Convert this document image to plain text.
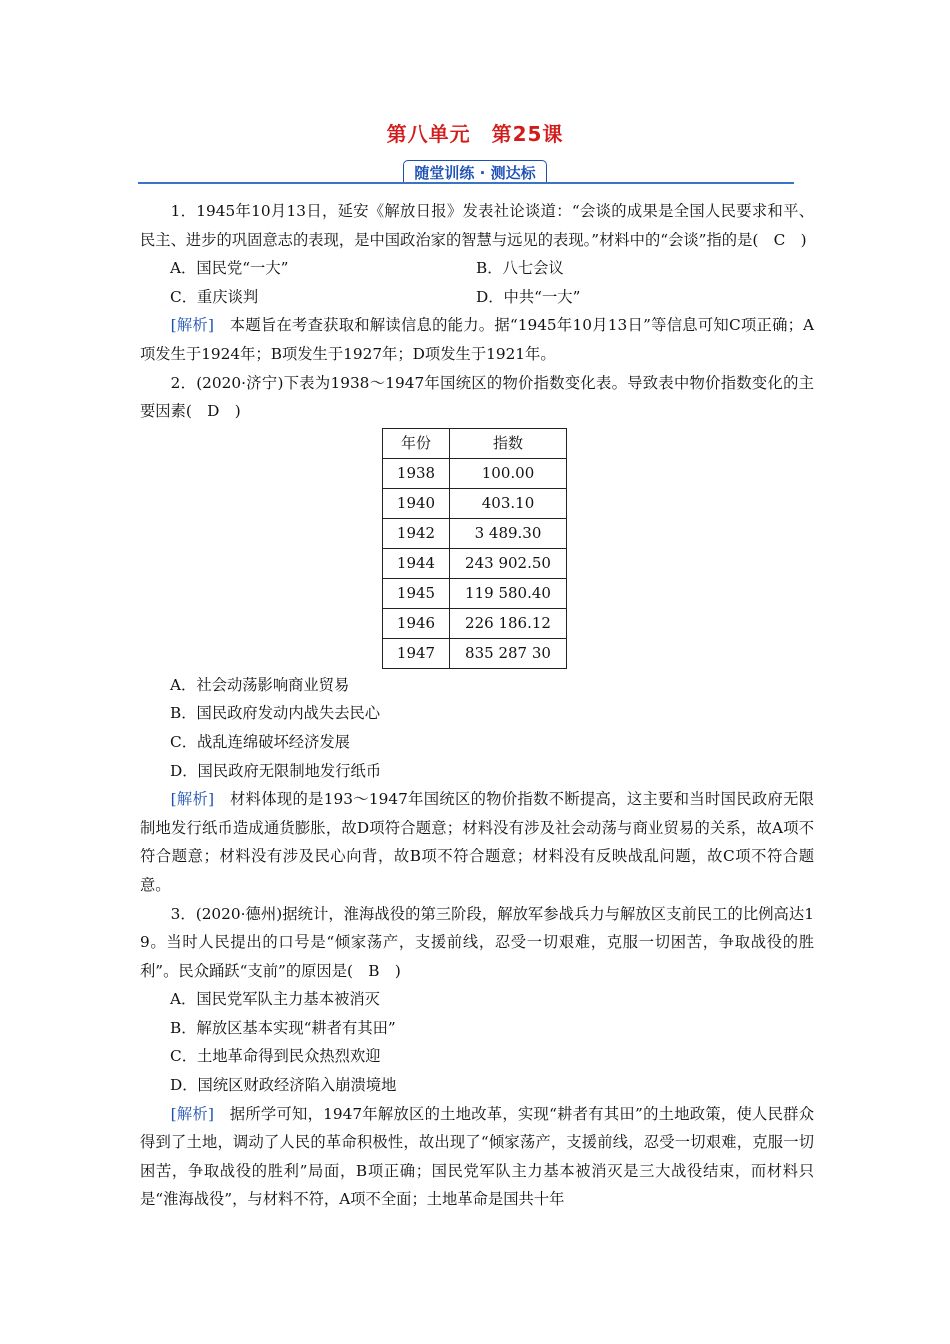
第八单元　第25课
随堂训练 · 测达标

1．1945年10月13日，延安《解放日报》发表社论谈道：“会谈的成果是全国人民要求和平、民主、进步的巩固意志的表现，是中国政治家的智慧与远见的表现。”材料中的“会谈”指的是(　C　)

A．国民党“一大”	B．八七会议
C．重庆谈判	D．中共“一大”

[解析]　本题旨在考查获取和解读信息的能力。据“1945年10月13日”等信息可知C项正确；A项发生于1924年；B项发生于1927年；D项发生于1921年。

2．(2020·济宁)下表为1938～1947年国统区的物价指数变化表。导致表中物价指数变化的主要因素(　D　)

年份	指数
1938	100.00
1940	403.10
1942	3 489.30
1944	243 902.50
1945	119 580.40
1946	226 186.12
1947	835 287 30
A．社会动荡影响商业贸易
B．国民政府发动内战失去民心
C．战乱连绵破坏经济发展
D．国民政府无限制地发行纸币

[解析]　材料体现的是193～1947年国统区的物价指数不断提高，这主要和当时国民政府无限制地发行纸币造成通货膨胀，故D项符合题意；材料没有涉及社会动荡与商业贸易的关系，故A项不符合题意；材料没有涉及民心向背，故B项不符合题意；材料没有反映战乱问题，故C项不符合题意。

3．(2020·德州)据统计，淮海战役的第三阶段，解放军参战兵力与解放区支前民工的比例高达1　9。当时人民提出的口号是“倾家荡产，支援前线，忍受一切艰难，克服一切困苦，争取战役的胜利”。民众踊跃“支前”的原因是(　B　)

A．国民党军队主力基本被消灭
B．解放区基本实现“耕者有其田”
C．土地革命得到民众热烈欢迎
D．国统区财政经济陷入崩溃境地

[解析]　据所学可知，1947年解放区的土地改革，实现“耕者有其田”的土地政策，使人民群众得到了土地，调动了人民的革命积极性，故出现了“倾家荡产，支援前线，忍受一切艰难，克服一切困苦，争取战役的胜利”局面，B项正确；国民党军队主力基本被消灭是三大战役结束，而材料只是“淮海战役”，与材料不符，A项不全面；土地革命是国共十年
